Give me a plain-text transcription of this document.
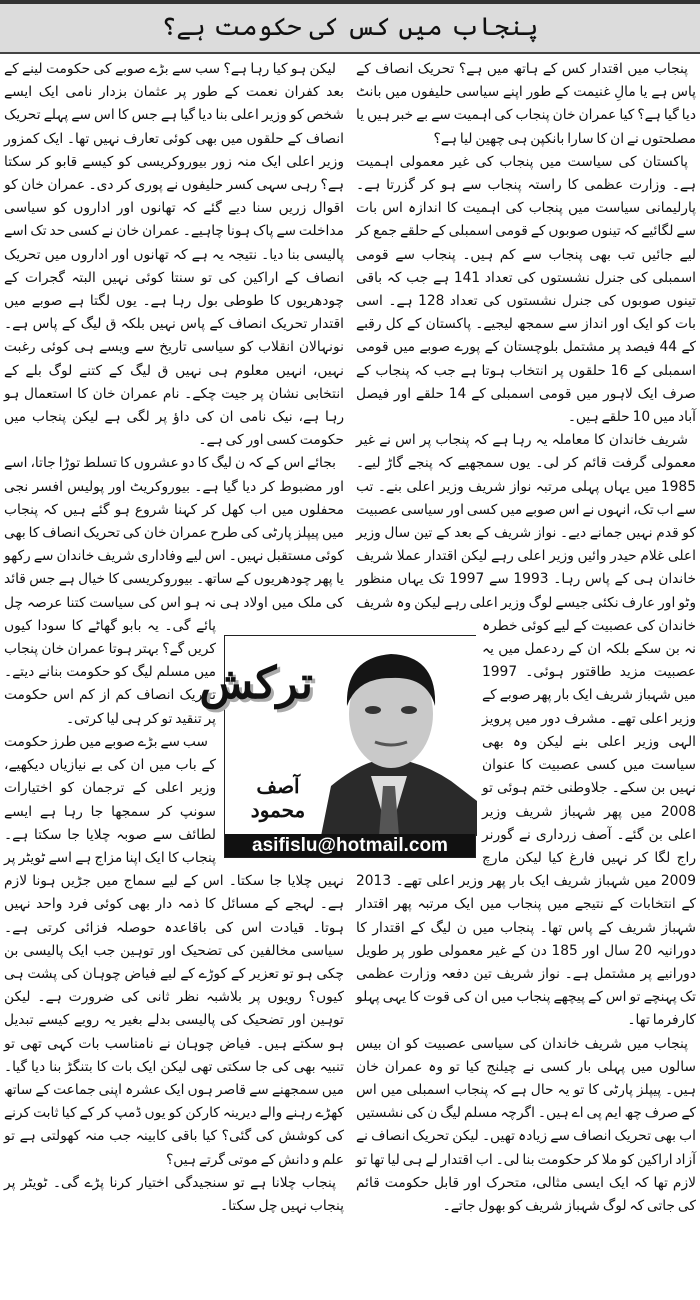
پنجاب میں کس کی حکومت ہے؟

لیکن ہو کیا رہا ہے؟ سب سے بڑے صوبے کی حکومت لینے کے بعد کفران نعمت کے طور پر عثمان بزدار نامی ایک ایسے شخص کو وزیر اعلی بنا دیا گیا ہے جس کا اس سے پہلے تحریک انصاف کے حلقوں میں بھی کوئی تعارف نہیں تھا۔ ایک کمزور وزیر اعلی ایک منہ زور بیوروکریسی کو کیسے قابو کر سکتا ہے؟ رہی سہی کسر حلیفوں نے پوری کر دی۔ عمران خان کو اقوال زریں سنا دیے گئے کہ تھانوں اور اداروں کو سیاسی مداخلت سے پاک ہونا چاہیے۔ عمران خان نے کسی حد تک اسے پالیسی بنا دیا۔ نتیجہ یہ ہے کہ تھانوں اور اداروں میں تحریک انصاف کے اراکین کی تو سنتا کوئی نہیں البتہ گجرات کے چودھریوں کا طوطی بول رہا ہے۔ یوں لگتا ہے صوبے میں اقتدار تحریک انصاف کے پاس نہیں بلکہ ق لیگ کے پاس ہے۔ نونہالان انقلاب کو سیاسی تاریخ سے ویسے ہی کوئی رغبت نہیں، انہیں معلوم ہی نہیں ق لیگ کے کتنے لوگ بلے کے انتخابی نشان پر جیت چکے۔ نام عمران خان کا استعمال ہو رہا ہے، نیک نامی ان کی داؤ پر لگی ہے لیکن پنجاب میں حکومت کسی اور کی ہے۔

بجائے اس کے کہ ن لیگ کا دو عشروں کا تسلط توڑا جاتا، اسے اور مضبوط کر دیا گیا ہے۔ بیوروکریٹ اور پولیس افسر نجی محفلوں میں اب کھل کر کہنا شروع ہو گئے ہیں کہ پنجاب میں پیپلز پارٹی کی طرح عمران خان کی تحریک انصاف کا بھی کوئی مستقبل نہیں۔ اس لیے وفاداری شریف خاندان سے رکھو یا پھر چودھریوں کے ساتھ۔ بیوروکریسی کا خیال ہے جس قائد کی ملک میں اولاد ہی نہ ہو اس کی سیاست کتنا عرصہ چل پائے گی۔ یہ بابو گھاٹے کا سودا کیوں کریں گے؟ بہتر ہوتا عمران خان پنجاب میں مسلم لیگ کو حکومت بنانے دیتے۔ تحریک انصاف کم از کم اس حکومت پر تنقید تو کر ہی لیا کرتی۔

سب سے بڑے صوبے میں طرز حکومت کے باب میں ان کی بے نیازیاں دیکھیے، وزیر اعلی کے ترجمان کو اختیارات سونپ کر سمجھا جا رہا ہے ایسے لطائف سے صوبہ چلایا جا سکتا ہے۔ پنجاب کا ایک اپنا مزاج ہے اسے ٹویٹر پر نہیں چلایا جا سکتا۔ اس کے لیے سماج میں جڑیں ہونا لازم ہے۔ لہجے کے مسائل کا ذمہ دار بھی کوئی فرد واحد نہیں ہوتا۔ قیادت اس کی باقاعدہ حوصلہ فزائی کرتی ہے۔ سیاسی مخالفین کی تضحیک اور توہین جب ایک پالیسی بن چکی ہو تو تعزیر کے کوڑے کے لیے فیاض چوہان کی پشت ہی کیوں؟ رویوں پر بلاشبہ نظر ثانی کی ضرورت ہے۔ لیکن توہین اور تضحیک کی پالیسی بدلے بغیر یہ رویے کیسے تبدیل ہو سکتے ہیں۔ فیاض چوہان نے نامناسب بات کہی تھی تو تنبیہ بھی کی جا سکتی تھی لیکن ایک بات کا بتنگڑ بنا دیا گیا۔ میں سمجھنے سے قاصر ہوں ایک عشرہ اپنی جماعت کے ساتھ کھڑے رہنے والے دیرینہ کارکن کو یوں ڈمپ کر کے کیا ثابت کرنے کی کوشش کی گئی؟ کیا باقی کابینہ جب منہ کھولتی ہے تو علم و دانش کے موتی گرتے ہیں؟

پنجاب چلانا ہے تو سنجیدگی اختیار کرنا پڑے گی۔ ٹویٹر پر پنجاب نہیں چل سکتا۔

پنجاب میں اقتدار کس کے ہاتھ میں ہے؟ تحریک انصاف کے پاس ہے یا مالِ غنیمت کے طور اپنے سیاسی حلیفوں میں بانٹ دیا گیا ہے؟ کیا عمران خان پنجاب کی اہمیت سے بے خبر ہیں یا مصلحتوں نے ان کا سارا بانکپن ہی چھین لیا ہے؟

پاکستان کی سیاست میں پنجاب کی غیر معمولی اہمیت ہے۔ وزارت عظمی کا راستہ پنجاب سے ہو کر گزرتا ہے۔ پارلیمانی سیاست میں پنجاب کی اہمیت کا اندازہ اس بات سے لگائیے کہ تینوں صوبوں کے قومی اسمبلی کے حلقے جمع کر لیے جائیں تب بھی پنجاب سے کم ہیں۔ پنجاب سے قومی اسمبلی کی جنرل نشستوں کی تعداد 141 ہے جب کہ باقی تینوں صوبوں کی جنرل نشستوں کی تعداد 128 ہے۔ اسی بات کو ایک اور انداز سے سمجھ لیجیے۔ پاکستان کے کل رقبے کے 44 فیصد پر مشتمل بلوچستان کے پورے صوبے میں قومی اسمبلی کے 16 حلقوں پر انتخاب ہوتا ہے جب کہ پنجاب کے صرف ایک لاہور میں قومی اسمبلی کے 14 حلقے اور فیصل آباد میں 10 حلقے ہیں۔

شریف خاندان کا معاملہ یہ رہا ہے کہ پنجاب پر اس نے غیر معمولی گرفت قائم کر لی۔ یوں سمجھیے کہ پنجے گاڑ لیے۔ 1985 میں یہاں پہلی مرتبہ نواز شریف وزیر اعلی بنے۔ تب سے اب تک، انہوں نے اس صوبے میں کسی اور سیاسی عصبیت کو قدم نہیں جمانے دیے۔ نواز شریف کے بعد کے تین سال وزیر اعلی غلام حیدر وائیں وزیر اعلی رہے لیکن اقتدار عملا شریف خاندان ہی کے پاس رہا۔ 1993 سے 1997 تک یہاں منظور وٹو اور عارف نکئی جیسے لوگ وزیر اعلی رہے لیکن وہ شریف خاندان کی عصبیت کے لیے کوئی خطرہ نہ بن سکے بلکہ ان کے ردعمل میں یہ عصبیت مزید طاقتور ہوئی۔ 1997 میں شہباز شریف ایک بار پھر صوبے کے وزیر اعلی تھے۔ مشرف دور میں پرویز الہی وزیر اعلی بنے لیکن وہ بھی سیاست میں کسی عصبیت کا عنوان نہیں بن سکے۔ جلاوطنی ختم ہوئی تو 2008 میں پھر شہباز شریف وزیر اعلی بن گئے۔ آصف زرداری نے گورنر راج لگا کر نہیں فارغ کیا لیکن مارچ 2009 میں شہباز شریف ایک بار پھر وزیر اعلی تھے۔ 2013 کے انتخابات کے نتیجے میں پنجاب میں ایک مرتبہ پھر اقتدار شہباز شریف کے پاس تھا۔ پنجاب میں ن لیگ کے اقتدار کا دورانیہ 20 سال اور 185 دن کے غیر معمولی طور پر طویل دورانیے پر مشتمل ہے۔ نواز شریف تین دفعہ وزارت عظمی تک پہنچے تو اس کے پیچھے پنجاب میں ان کی قوت کا یہی پہلو کارفرما تھا۔

پنجاب میں شریف خاندان کی سیاسی عصبیت کو ان بیس سالوں میں پہلی بار کسی نے چیلنج کیا تو وہ عمران خان ہیں۔ پیپلز پارٹی کا تو یہ حال ہے کہ پنجاب اسمبلی میں اس کے صرف چھ ایم پی اے ہیں۔ اگرچہ مسلم لیگ ن کی نشستیں اب بھی تحریک انصاف سے زیادہ تھیں۔ لیکن تحریک انصاف نے آزاد اراکین کو ملا کر حکومت بنا لی۔ اب اقتدار لے ہی لیا تھا تو لازم تھا کہ ایک ایسی مثالی، متحرک اور قابل حکومت قائم کی جاتی کہ لوگ شہباز شریف کو بھول جاتے۔

ترکش
آصف محمود
asifislu@hotmail.com
